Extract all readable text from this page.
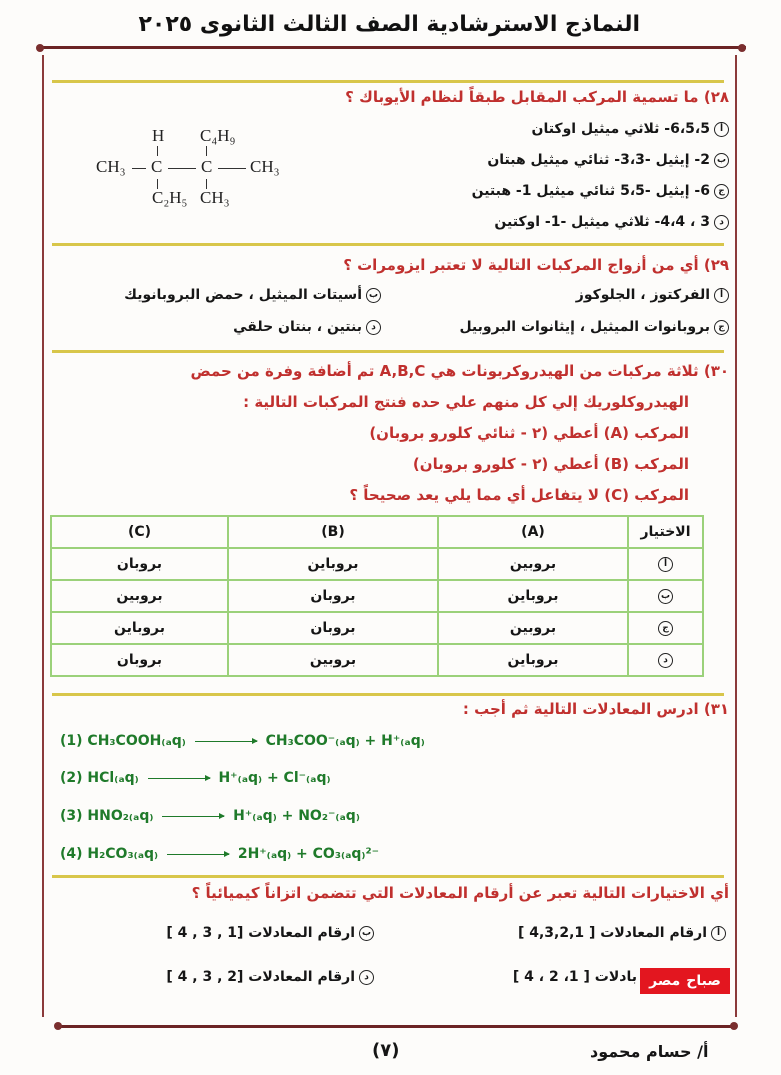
النماذج الاسترشادية الصف الثالث الثانوى ٢٠٢٥
٢٨) ما تسمية المركب المقابل طبقاً لنظام الأيوباك ؟
H C₄H₉
CH₃ C C CH₃
C₂H₅ CH₃
أ6،5،5- ثلاثي ميثيل اوكتان
ب2- إيثيل -3،3- ثنائي ميثيل هبتان
ج6- إيثيل -5،5 ثنائي ميثيل 1- هبتين
د3 ، 4،4- ثلاثي ميثيل -1- اوكتين
٢٩) أي من أزواج المركبات التالية لا تعتبر ايزومرات ؟
أالفركتوز ، الجلوكوز
بأسيتات الميثيل ، حمض البروبانويك
جبروبانوات الميثيل ، إيثانوات البروبيل
دبنتين ، بنتان حلقي
٣٠) ثلاثة مركبات من الهيدروكربونات هي A,B,C تم أضافة وفرة من حمض
الهيدروكلوريك إلي كل منهم علي حده فنتج المركبات التالية :
المركب (A) أعطي (٢ - ثنائي كلورو بروبان)
المركب (B) أعطي (٢ - كلورو بروبان)
المركب (C) لا يتفاعل أي مما يلي يعد صحيحاً ؟
الاختيار	(A)	(B)	(C)
أ	بروبين	بروباين	بروبان
ب	بروباين	بروبان	بروبين
ج	بروبين	بروبان	بروباين
د	بروباين	بروبين	بروبان
٣١) ادرس المعادلات التالية ثم أجب :
(1) CH₃COOH₍ₐq₎	CH₃COO⁻₍ₐq₎ + H⁺₍ₐq₎
(2) HCl₍ₐq₎	H⁺₍ₐq₎ + Cl⁻₍ₐq₎
(3) HNO₂₍ₐq₎	H⁺₍ₐq₎ + NO₂⁻₍ₐq₎
(4) H₂CO₃₍ₐq₎	2H⁺₍ₐq₎ + CO₃₍ₐq₎²⁻
أي الاختيارات التالية تعبر عن أرقام المعادلات التي تتضمن اتزاناً كيميائياً ؟
أارقام المعادلات [ 4,3,2,1 ]
بارقام المعادلات [1 , 3 , 4 ]
بادلات [ 1، 2 ، 4 ]
دارقام المعادلات [2 , 3 , 4 ]	صباح
مصر
(٧)	أ/ حسام محمود
